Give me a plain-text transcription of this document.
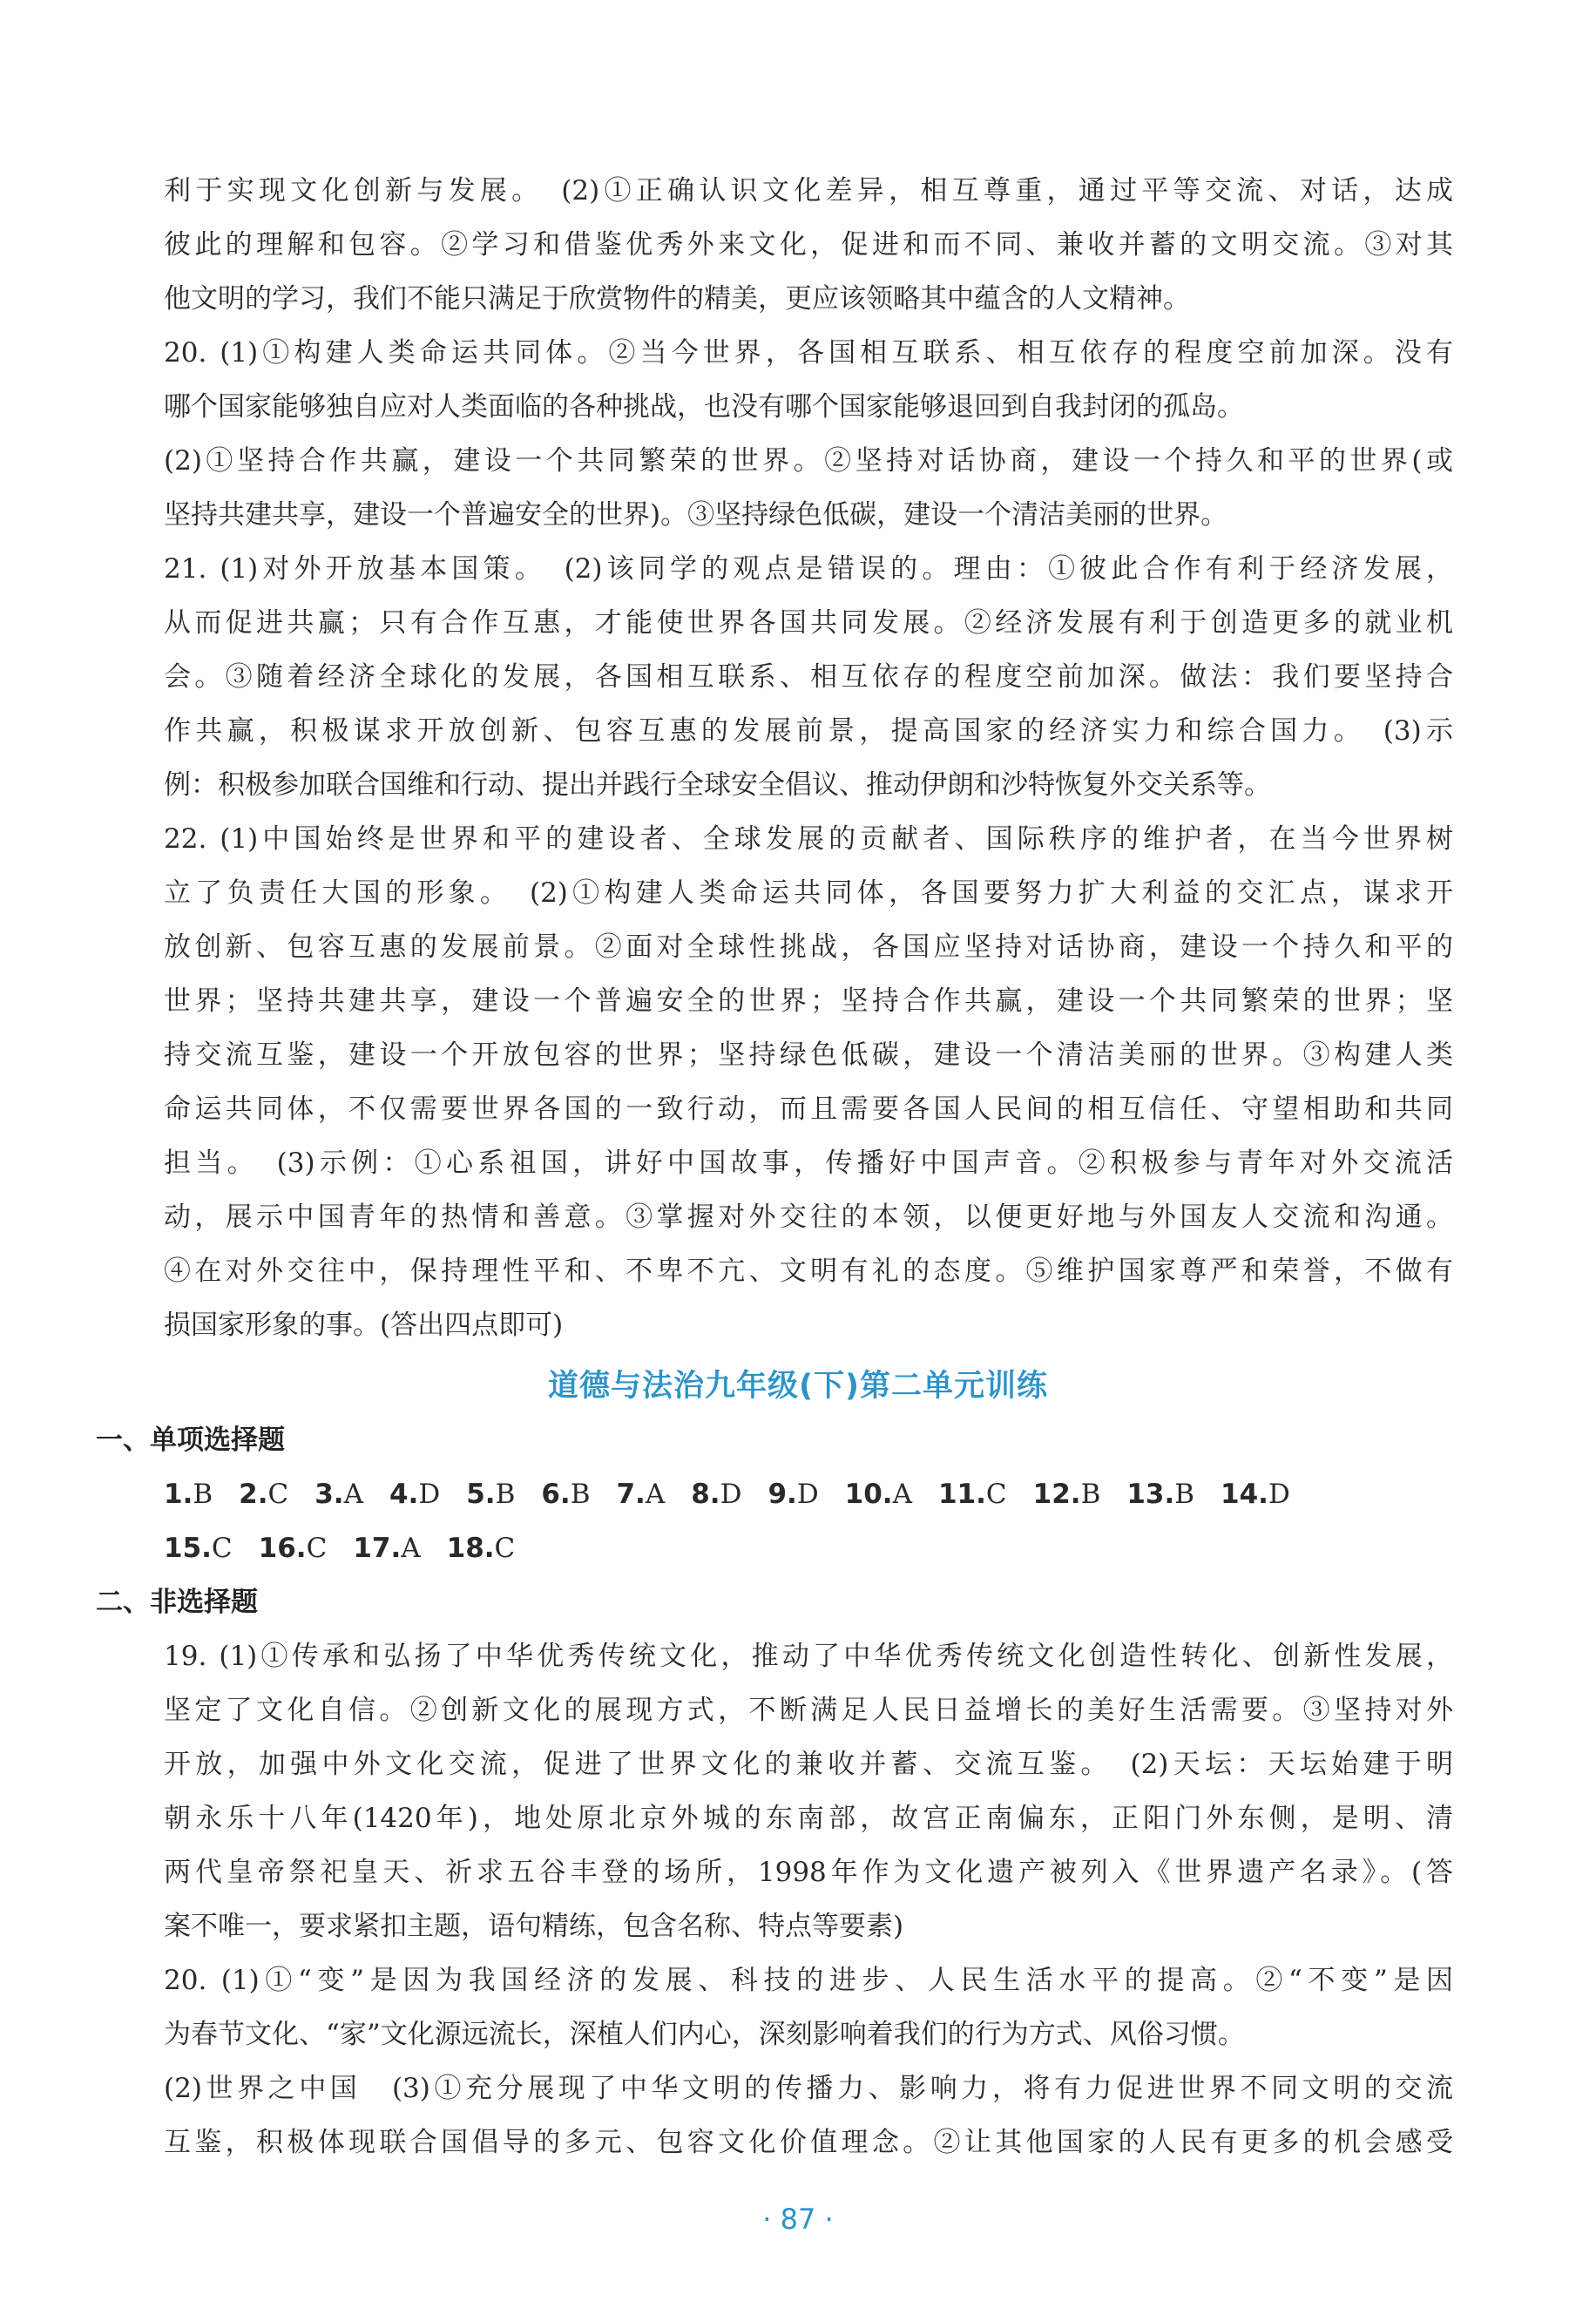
利于实现文化创新与发展。　(2)①正确认识文化差异，相互尊重，通过平等交流、对话，达成
彼此的理解和包容。②学习和借鉴优秀外来文化，促进和而不同、兼收并蓄的文明交流。③对其
他文明的学习，我们不能只满足于欣赏物件的精美，更应该领略其中蕴含的人文精神。
20. (1)①构建人类命运共同体。②当今世界，各国相互联系、相互依存的程度空前加深。没有
哪个国家能够独自应对人类面临的各种挑战，也没有哪个国家能够退回到自我封闭的孤岛。
(2)①坚持合作共赢，建设一个共同繁荣的世界。②坚持对话协商，建设一个持久和平的世界(或
坚持共建共享，建设一个普遍安全的世界)。③坚持绿色低碳，建设一个清洁美丽的世界。
21. (1)对外开放基本国策。　(2)该同学的观点是错误的。理由：①彼此合作有利于经济发展，
从而促进共赢；只有合作互惠，才能使世界各国共同发展。②经济发展有利于创造更多的就业机
会。③随着经济全球化的发展，各国相互联系、相互依存的程度空前加深。做法：我们要坚持合
作共赢，积极谋求开放创新、包容互惠的发展前景，提高国家的经济实力和综合国力。　(3)示
例：积极参加联合国维和行动、提出并践行全球安全倡议、推动伊朗和沙特恢复外交关系等。
22. (1)中国始终是世界和平的建设者、全球发展的贡献者、国际秩序的维护者，在当今世界树
立了负责任大国的形象。　(2)①构建人类命运共同体，各国要努力扩大利益的交汇点，谋求开
放创新、包容互惠的发展前景。②面对全球性挑战，各国应坚持对话协商，建设一个持久和平的
世界；坚持共建共享，建设一个普遍安全的世界；坚持合作共赢，建设一个共同繁荣的世界；坚
持交流互鉴，建设一个开放包容的世界；坚持绿色低碳，建设一个清洁美丽的世界。③构建人类
命运共同体，不仅需要世界各国的一致行动，而且需要各国人民间的相互信任、守望相助和共同
担当。　(3)示例：①心系祖国，讲好中国故事，传播好中国声音。②积极参与青年对外交流活
动，展示中国青年的热情和善意。③掌握对外交往的本领，以便更好地与外国友人交流和沟通。
④在对外交往中，保持理性平和、不卑不亢、文明有礼的态度。⑤维护国家尊严和荣誉，不做有
损国家形象的事。(答出四点即可)
道德与法治九年级(下)第二单元训练
一、单项选择题
1.B 2.C 3.A 4.D 5.B 6.B 7.A 8.D 9.D 10.A 11.C 12.B 13.B 14.D
15.C 16.C 17.A 18.C
二、非选择题
19. (1)①传承和弘扬了中华优秀传统文化，推动了中华优秀传统文化创造性转化、创新性发展，
坚定了文化自信。②创新文化的展现方式，不断满足人民日益增长的美好生活需要。③坚持对外
开放，加强中外文化交流，促进了世界文化的兼收并蓄、交流互鉴。　(2)天坛：天坛始建于明
朝永乐十八年(1420年)，地处原北京外城的东南部，故宫正南偏东，正阳门外东侧，是明、清
两代皇帝祭祀皇天、祈求五谷丰登的场所，1998年作为文化遗产被列入《世界遗产名录》。(答
案不唯一，要求紧扣主题，语句精练，包含名称、特点等要素)
20. (1)①“变”是因为我国经济的发展、科技的进步、人民生活水平的提高。②“不变”是因
为春节文化、“家”文化源远流长，深植人们内心，深刻影响着我们的行为方式、风俗习惯。
(2)世界之中国　(3)①充分展现了中华文明的传播力、影响力，将有力促进世界不同文明的交流
互鉴，积极体现联合国倡导的多元、包容文化价值理念。②让其他国家的人民有更多的机会感受
· 87 ·
